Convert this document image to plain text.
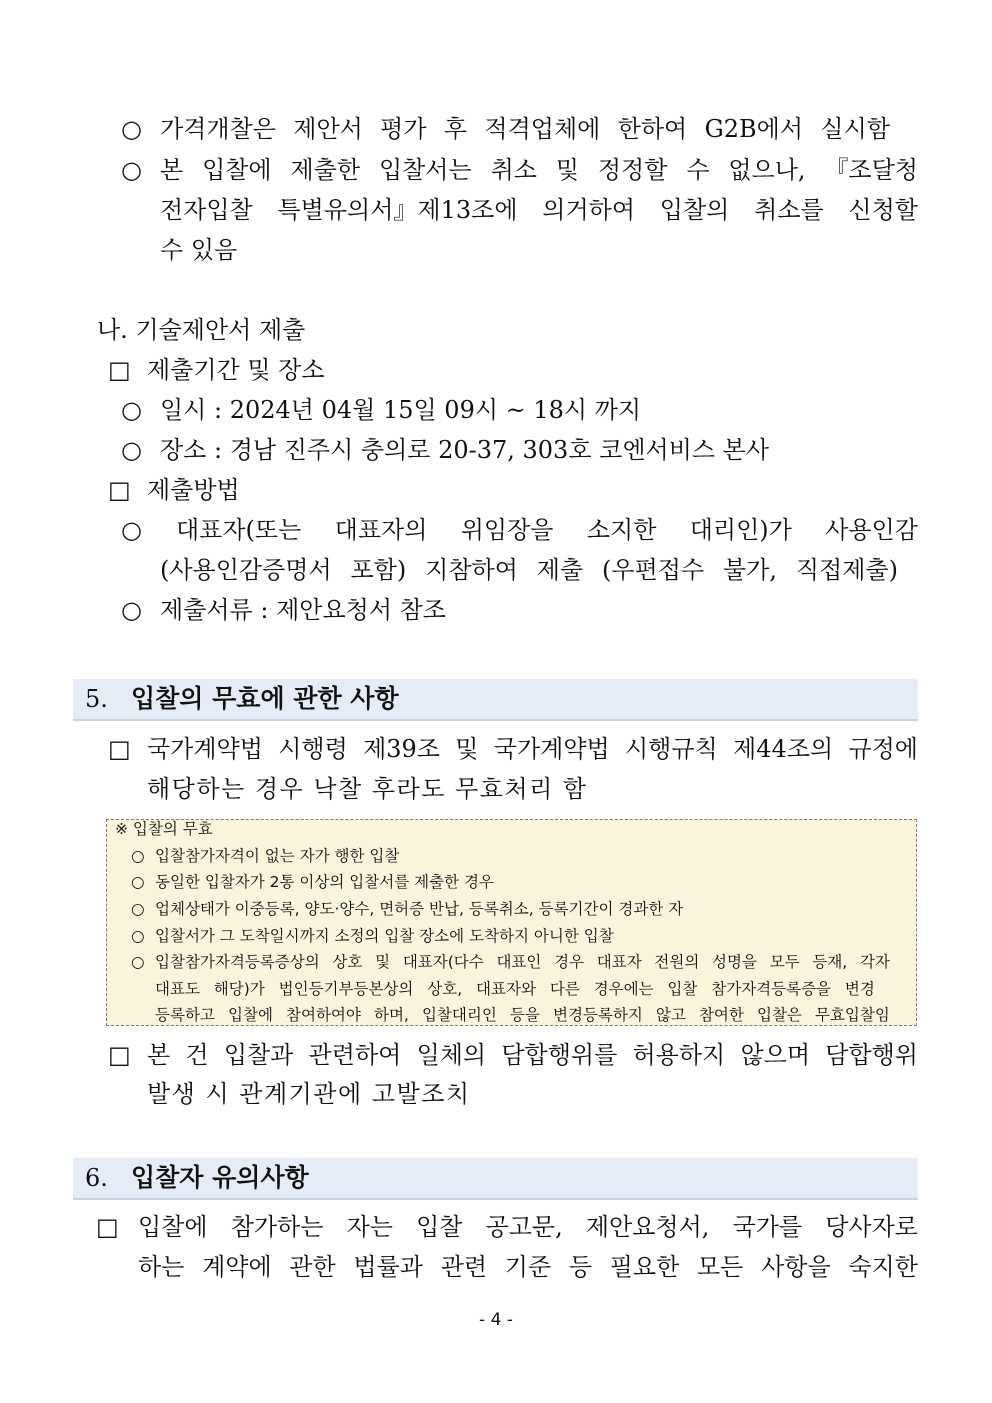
○ 가격개찰은 제안서 평가 후 적격업체에 한하여 G2B에서 실시함
○ 본 입찰에 제출한 입찰서는 취소 및 정정할 수 없으나, 『조달청
전자입찰 특별유의서』제13조에 의거하여 입찰의 취소를 신청할
수 있음
나. 기술제안서 제출
□ 제출기간 및 장소
○ 일시 : 2024년 04월 15일 09시 ~ 18시 까지
○ 장소 : 경남 진주시 충의로 20-37, 303호 코엔서비스 본사
□ 제출방법
○ 대표자(또는 대표자의 위임장을 소지한 대리인)가 사용인감
(사용인감증명서 포함) 지참하여 제출 (우편접수 불가, 직접제출)
○ 제출서류 : 제안요청서 참조
5. 입찰의 무효에 관한 사항
□ 국가계약법 시행령 제39조 및 국가계약법 시행규칙 제44조의 규정에
해당하는 경우 낙찰 후라도 무효처리 함
※ 입찰의 무효
○ 입찰참가자격이 없는 자가 행한 입찰
○ 동일한 입찰자가 2통 이상의 입찰서를 제출한 경우
○ 업체상태가 이중등록, 양도·양수, 면허증 반납, 등록취소, 등록기간이 경과한 자
○ 입찰서가 그 도착일시까지 소정의 입찰 장소에 도착하지 아니한 입찰
○ 입찰참가자격등록증상의 상호 및 대표자(다수 대표인 경우 대표자 전원의 성명을 모두 등재, 각자
대표도 해당)가 법인등기부등본상의 상호, 대표자와 다른 경우에는 입찰 참가자격등록증을 변경
등록하고 입찰에 참여하여야 하며, 입찰대리인 등을 변경등록하지 않고 참여한 입찰은 무효입찰임
□ 본 건 입찰과 관련하여 일체의 담합행위를 허용하지 않으며 담합행위
발생 시 관계기관에 고발조치
6. 입찰자 유의사항
□ 입찰에 참가하는 자는 입찰 공고문, 제안요청서, 국가를 당사자로
하는 계약에 관한 법률과 관련 기준 등 필요한 모든 사항을 숙지한
- 4 -
